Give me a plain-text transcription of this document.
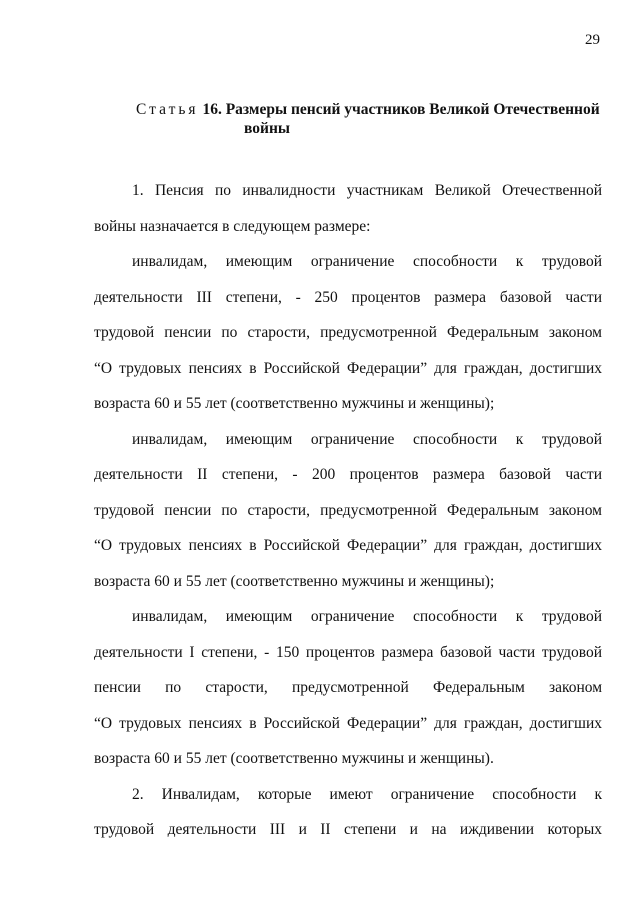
29
Статья 16. Размеры пенсий участников Великой Отечественной
войны
1. Пенсия по инвалидности участникам Великой Отечественной
войны назначается в следующем размере:
инвалидам, имеющим ограничение способности к трудовой
деятельности III степени, - 250 процентов размера базовой части
трудовой пенсии по старости, предусмотренной Федеральным законом
“О трудовых пенсиях в Российской Федерации” для граждан, достигших
возраста 60 и 55 лет (соответственно мужчины и женщины);
инвалидам, имеющим ограничение способности к трудовой
деятельности II степени, - 200 процентов размера базовой части
трудовой пенсии по старости, предусмотренной Федеральным законом
“О трудовых пенсиях в Российской Федерации” для граждан, достигших
возраста 60 и 55 лет (соответственно мужчины и женщины);
инвалидам, имеющим ограничение способности к трудовой
деятельности I степени, - 150 процентов размера базовой части трудовой
пенсии по старости, предусмотренной Федеральным законом
“О трудовых пенсиях в Российской Федерации” для граждан, достигших
возраста 60 и 55 лет (соответственно мужчины и женщины).
2. Инвалидам, которые имеют ограничение способности к
трудовой деятельности III и II степени и на иждивении которых
